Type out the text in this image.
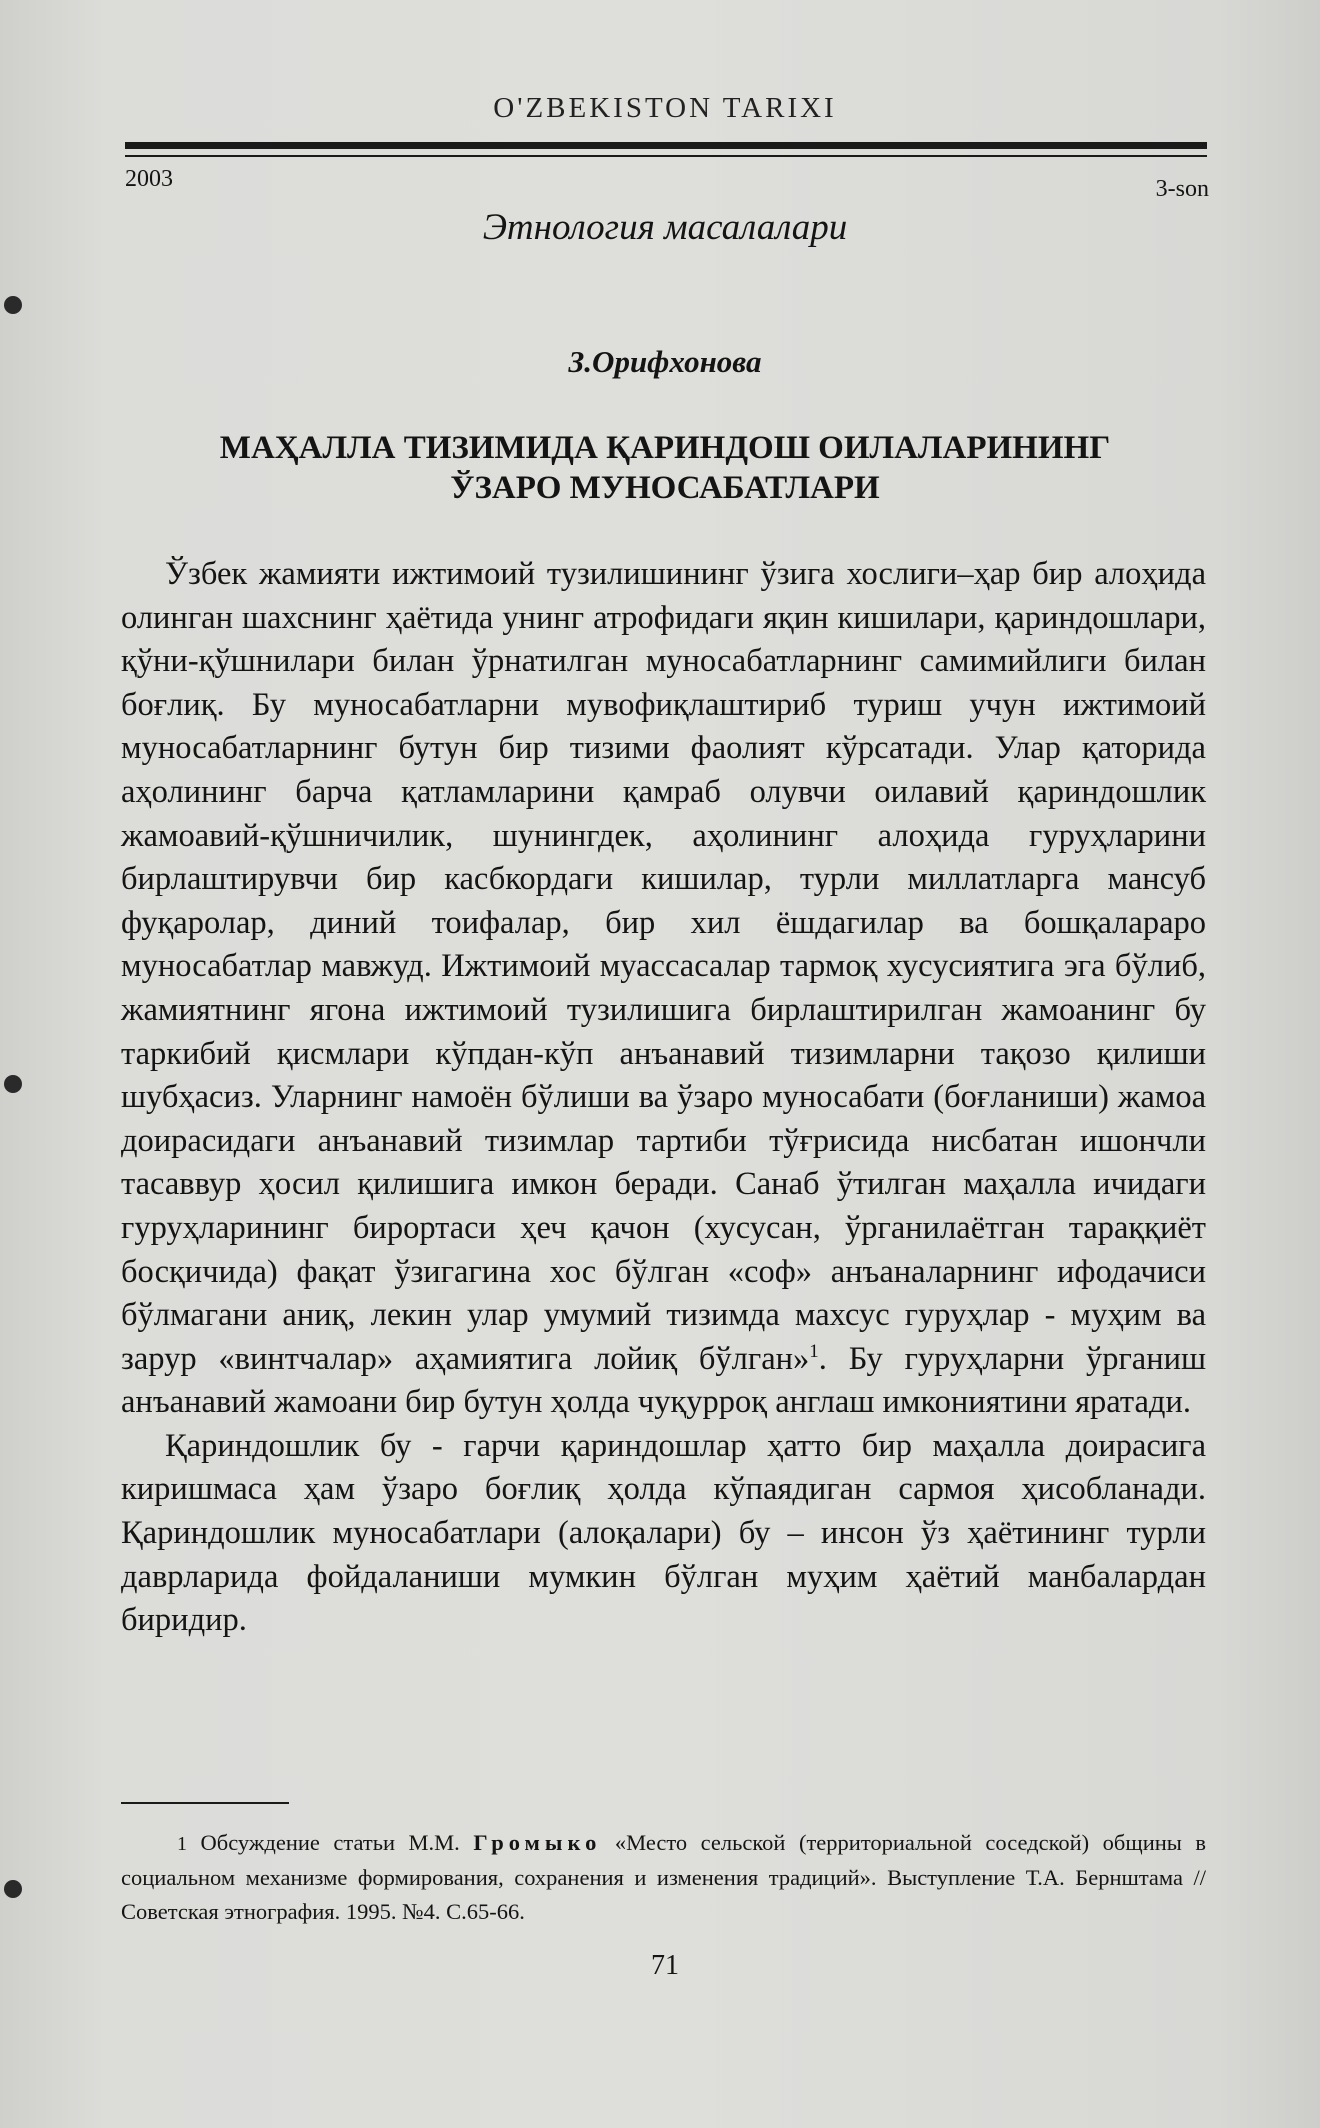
O'ZBEKISTON TARIXI
2003	3-son
Этнология масалалари
З.Орифхонова
МАҲАЛЛА ТИЗИМИДА ҚАРИНДОШ ОИЛАЛАРИНИНГ
ЎЗАРО МУНОСАБАТЛАРИ

Ўзбек жамияти ижтимоий тузилишининг ўзига хослиги–ҳар бир алоҳида олинган шахснинг ҳаётида унинг атрофидаги яқин кишилари, қариндошлари, қўни-қўшнилари билан ўрнатилган муносабатларнинг самимийлиги билан боғлиқ. Бу муносабатларни мувофиқлаштириб туриш учун ижтимоий муносабатларнинг бутун бир тизими фаолият кўрсатади. Улар қаторида аҳолининг барча қатламларини қамраб олувчи оилавий қариндошлик жамоавий-қўшничилик, шунингдек, аҳолининг алоҳида гуруҳларини бирлаштирувчи бир касбкордаги кишилар, турли миллатларга мансуб фуқаролар, диний тоифалар, бир хил ёшдагилар ва бошқалараро муносабатлар мавжуд. Ижтимоий муассасалар тармоқ хусусиятига эга бўлиб, жамиятнинг ягона ижтимоий тузилишига бирлаштирилган жамоанинг бу таркибий қисмлари кўпдан-кўп анъанавий тизимларни тақозо қилиши шубҳасиз. Уларнинг намоён бўлиши ва ўзаро муносабати (боғланиши) жамоа доирасидаги анъанавий тизимлар тартиби тўғрисида нисбатан ишончли тасаввур ҳосил қилишига имкон беради. Санаб ўтилган маҳалла ичидаги гуруҳларининг бирортаси ҳеч қачон (хусусан, ўрганилаётган тараққиёт босқичида) фақат ўзигагина хос бўлган «соф» анъаналарнинг ифодачиси бўлмагани аниқ, лекин улар умумий тизимда махсус гуруҳлар - муҳим ва зарур «винтчалар» аҳамиятига лойиқ бўлган»$^1$. Бу гуруҳларни ўрганиш анъанавий жамоани бир бутун ҳолда чуқурроқ англаш имкониятини яратади.

Қариндошлик бу - гарчи қариндошлар ҳатто бир маҳалла доирасига киришмаса ҳам ўзаро боғлиқ ҳолда кўпаядиган сармоя ҳисобланади. Қариндошлик муносабатлари (алоқалари) бу – инсон ўз ҳаётининг турли даврларида фойдаланиши мумкин бўлган муҳим ҳаётий манбалардан биридир.

1 Обсуждение статьи М.М. Громыко «Место сельской (территориальной соседской) общины в социальном механизме формирования, сохранения и изменения традиций». Выступление Т.А. Бернштама // Советская этнография. 1995. №4. С.65-66.

71
